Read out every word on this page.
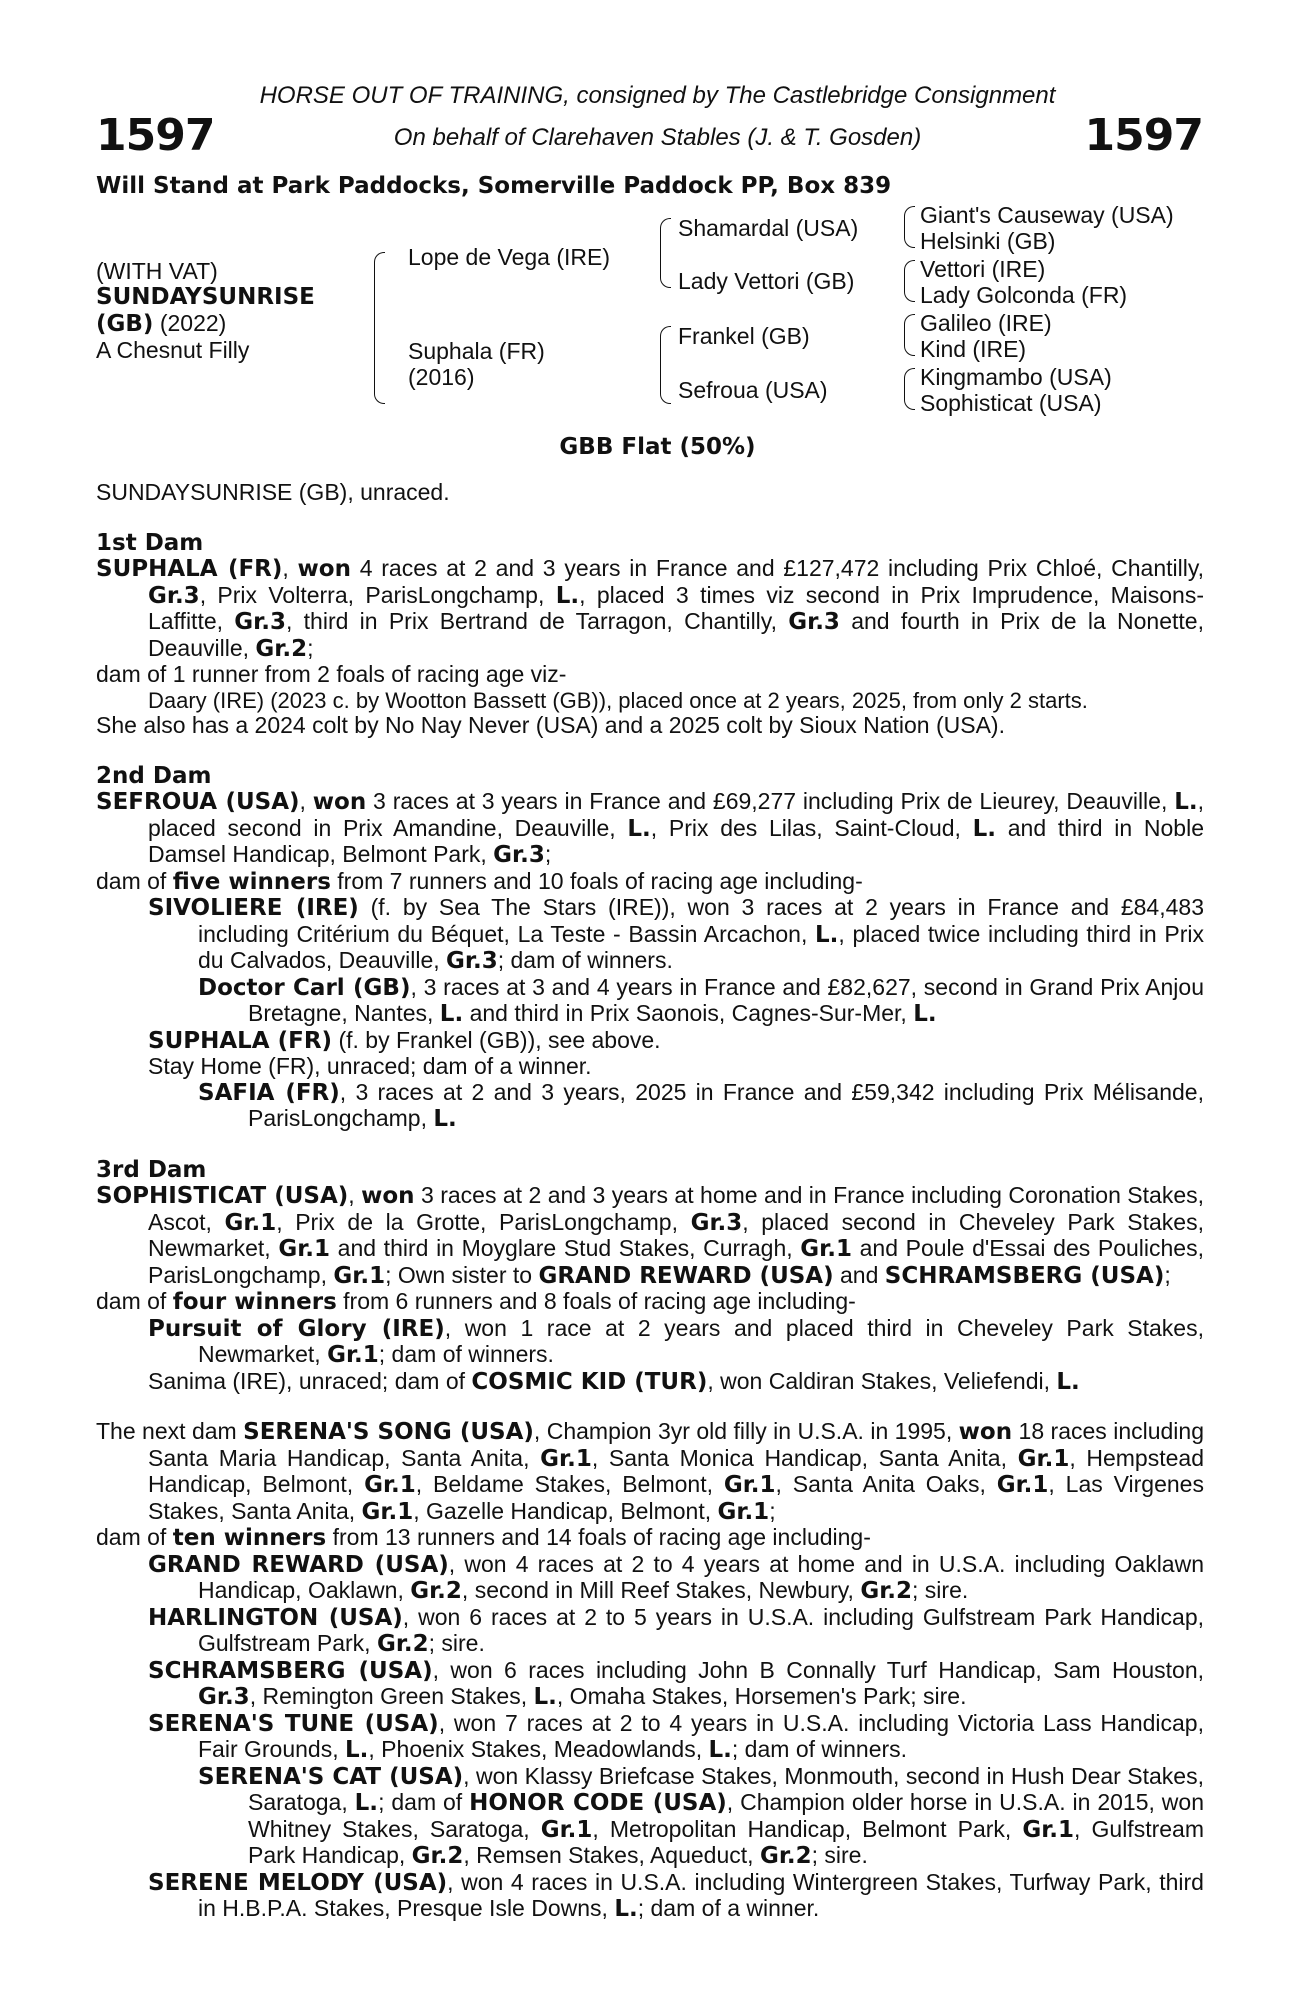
HORSE OUT OF TRAINING, consigned by The Castlebridge Consignment
1597	On behalf of Clarehaven Stables (J. & T. Gosden)	1597
Will Stand at Park Paddocks, Somerville Paddock PP, Box 839
(WITH VAT)
SUNDAYSUNRISE
(GB) (2022)
A Chesnut Filly
Lope de Vega (IRE)
Suphala (FR)
(2016)
Shamardal (USA)
Lady Vettori (GB)
Frankel (GB)
Sefroua (USA)
Giant's Causeway (USA)
Helsinki (GB)
Vettori (IRE)
Lady Golconda (FR)
Galileo (IRE)
Kind (IRE)
Kingmambo (USA)
Sophisticat (USA)
GBB Flat (50%)

SUNDAYSUNRISE (GB), unraced.

1st Dam

SUPHALA (FR), won 4 races at 2 and 3 years in France and £127,472 including Prix Chloé, Chantilly, Gr.3, Prix Volterra, ParisLongchamp, L., placed 3 times viz second in Prix Imprudence, Maisons-Laffitte, Gr.3, third in Prix Bertrand de Tarragon, Chantilly, Gr.3 and fourth in Prix de la Nonette, Deauville, Gr.2;

dam of 1 runner from 2 foals of racing age viz-

Daary (IRE) (2023 c. by Wootton Bassett (GB)), placed once at 2 years, 2025, from only 2 starts.

She also has a 2024 colt by No Nay Never (USA) and a 2025 colt by Sioux Nation (USA).

2nd Dam

SEFROUA (USA), won 3 races at 3 years in France and £69,277 including Prix de Lieurey, Deauville, L., placed second in Prix Amandine, Deauville, L., Prix des Lilas, Saint-Cloud, L. and third in Noble Damsel Handicap, Belmont Park, Gr.3;

dam of five winners from 7 runners and 10 foals of racing age including-

SIVOLIERE (IRE) (f. by Sea The Stars (IRE)), won 3 races at 2 years in France and £84,483 including Critérium du Béquet, La Teste - Bassin Arcachon, L., placed twice including third in Prix du Calvados, Deauville, Gr.3; dam of winners.

Doctor Carl (GB), 3 races at 3 and 4 years in France and £82,627, second in Grand Prix Anjou Bretagne, Nantes, L. and third in Prix Saonois, Cagnes-Sur-Mer, L.

SUPHALA (FR) (f. by Frankel (GB)), see above.

Stay Home (FR), unraced; dam of a winner.

SAFIA (FR), 3 races at 2 and 3 years, 2025 in France and £59,342 including Prix Mélisande, ParisLongchamp, L.

3rd Dam

SOPHISTICAT (USA), won 3 races at 2 and 3 years at home and in France including Coronation Stakes, Ascot, Gr.1, Prix de la Grotte, ParisLongchamp, Gr.3, placed second in Cheveley Park Stakes, Newmarket, Gr.1 and third in Moyglare Stud Stakes, Curragh, Gr.1 and Poule d'Essai des Pouliches, ParisLongchamp, Gr.1; Own sister to GRAND REWARD (USA) and SCHRAMSBERG (USA);

dam of four winners from 6 runners and 8 foals of racing age including-

Pursuit of Glory (IRE), won 1 race at 2 years and placed third in Cheveley Park Stakes, Newmarket, Gr.1; dam of winners.

Sanima (IRE), unraced; dam of COSMIC KID (TUR), won Caldiran Stakes, Veliefendi, L.

The next dam SERENA'S SONG (USA), Champion 3yr old filly in U.S.A. in 1995, won 18 races including Santa Maria Handicap, Santa Anita, Gr.1, Santa Monica Handicap, Santa Anita, Gr.1, Hempstead Handicap, Belmont, Gr.1, Beldame Stakes, Belmont, Gr.1, Santa Anita Oaks, Gr.1, Las Virgenes Stakes, Santa Anita, Gr.1, Gazelle Handicap, Belmont, Gr.1;

dam of ten winners from 13 runners and 14 foals of racing age including-

GRAND REWARD (USA), won 4 races at 2 to 4 years at home and in U.S.A. including Oaklawn Handicap, Oaklawn, Gr.2, second in Mill Reef Stakes, Newbury, Gr.2; sire.

HARLINGTON (USA), won 6 races at 2 to 5 years in U.S.A. including Gulfstream Park Handicap, Gulfstream Park, Gr.2; sire.

SCHRAMSBERG (USA), won 6 races including John B Connally Turf Handicap, Sam Houston, Gr.3, Remington Green Stakes, L., Omaha Stakes, Horsemen's Park; sire.

SERENA'S TUNE (USA), won 7 races at 2 to 4 years in U.S.A. including Victoria Lass Handicap, Fair Grounds, L., Phoenix Stakes, Meadowlands, L.; dam of winners.

SERENA'S CAT (USA), won Klassy Briefcase Stakes, Monmouth, second in Hush Dear Stakes, Saratoga, L.; dam of HONOR CODE (USA), Champion older horse in U.S.A. in 2015, won Whitney Stakes, Saratoga, Gr.1, Metropolitan Handicap, Belmont Park, Gr.1, Gulfstream Park Handicap, Gr.2, Remsen Stakes, Aqueduct, Gr.2; sire.

SERENE MELODY (USA), won 4 races in U.S.A. including Wintergreen Stakes, Turfway Park, third in H.B.P.A. Stakes, Presque Isle Downs, L.; dam of a winner.
